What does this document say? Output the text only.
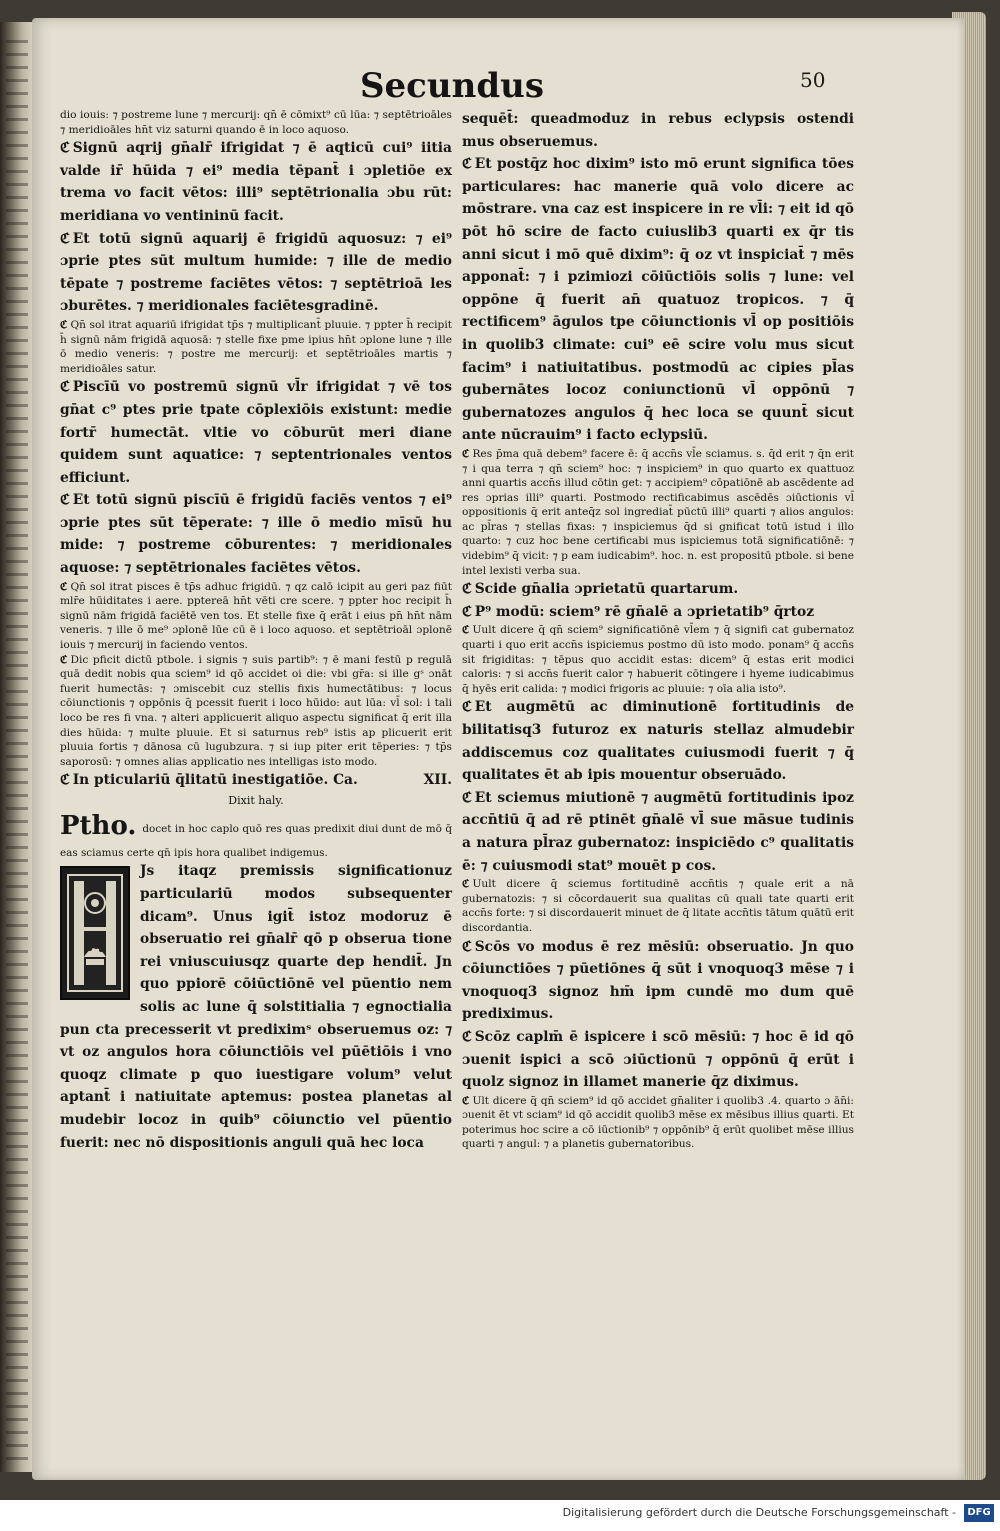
Secundus	50

dio iouis: ⁊ postreme lune ⁊ mercurij: qn̄ ē cōmixt⁹ cū lūa: ⁊ septētrioāles ⁊ meridioāles hn̄t viz saturni quando ē in loco aquoso.

ℭ Signū aqrij gn̄alr̄ ifrigidat ⁊ ē aqticū cui⁹ iitia valde ir̄ hūida ⁊ ei⁹ media tēpant̄ i ɔpletiōe ex trema vo facit vētos: illi⁹ septētrionalia ɔbu rūt: meridiana vo ventininū facit.

ℭ Et totū signū aquarij ē frigidū aquosuz: ⁊ ei⁹ ɔprie ptes sūt multum humide: ⁊ ille de medio tēpate ⁊ postreme faciētes vētos: ⁊ septētrioā les ɔburētes. ⁊ meridionales faciētesgradinē.

ℭ Qn̄ sol itrat aquariū ifrigidat tp̄s ⁊ multiplicant̄ pluuie. ⁊ ppter h̄ recipit h̄ signū nām frigidā aquosā: ⁊ stelle fixe pme ipius hn̄t ɔplone lune ⁊ ille ō medio veneris: ⁊ postre me mercurij: et septētrioāles martis ⁊ meridioāles satur.

ℭ Piscīū vo postremū signū vl̄r ifrigidat ⁊ vē tos gn̄at c⁹ ptes prie tpate cōplexiōis existunt: medie fortr̄ humectāt. vltie vo cōburūt meri diane quidem sunt aquatice: ⁊ septentrionales ventos efficiunt.

ℭ Et totū signū piscīū ē frigidū faciēs ventos ⁊ ei⁹ ɔprie ptes sūt tēperate: ⁊ ille ō medio mīsū hu mide: ⁊ postreme cōburentes: ⁊ meridionales aquose: ⁊ septētrionales faciētes vētos.

ℭ Qn̄ sol itrat pisces ē tp̄s adhuc frigidū. ⁊ qz calō icipit au geri paz fiūt mlr̄e hūiditates i aere. pptereā hn̄t vēti cre scere. ⁊ ppter hoc recipit h̄ signū nām frigidā faciētē ven tos. Et stelle fixe q̄ erāt i eius pn̄ hn̄t nām veneris. ⁊ ille ō me⁹ ɔplonē lūe cū ē i loco aquoso. et septētrioāl ɔplonē iouis ⁊ mercurij in faciendo ventos.

ℭ Dic pficit dictū ptbole. i signis ⁊ suis partib⁹: ⁊ ē mani festū p regulā quā dedit nobis qua sciem⁹ id qō accidet oi die: vbi gr̄a: si ille gˢ ɔnāt fuerit humectās: ⁊ ɔmiscebit cuz stellis fixis humectātibus: ⁊ locus cōiunctionis ⁊ oppōnis q̄ pcessit fuerit i loco hūido: aut lūa: vl̄ sol: i tali loco be res fi vna. ⁊ alteri applicuerit aliquo aspectu significat q̄ erit illa dies hūida: ⁊ multe pluuie. Et si saturnus reb⁹ istis ap plicuerit erit pluuia fortis ⁊ dānosa cū lugubzura. ⁊ si iup piter erit tēperies: ⁊ tp̄s saporosū: ⁊ omnes alias applicatio nes intelligas isto modo.

ℭ In pticulariū q̄litatū inestigatiōe. Ca.	XII.

Dixit haly.

Ptho. docet in hoc caplo quō res quas predixit diui dunt de mō q̄ eas sciamus certe qn̄ ipis hora qualibet indigemus.

Js itaqz premissis significationuz particulariū modos subsequenter dicam⁹. Unus igit̄ istoz modoruz ē obseruatio rei gn̄alr̄ qō p obserua tione rei vniuscuiusqz quarte dep hendit̄. Jn quo ppiorē cōiūctiōnē vel pūentio nem solis ac lune q̄ solstitialia ⁊ egnoctialia pun cta precesserit vt prediximˢ obseruemus oz: ⁊ vt oz angulos hora cōiunctiōis vel pūētiōis i vno quoqz climate p quo iuestigare volum⁹ velut aptant̄ i natiuitate aptemus: postea planetas al mudebir locoz in quib⁹ cōiunctio vel pūentio fuerit: nec nō dispositionis anguli quā hec loca

sequēt̄: queadmoduz in rebus eclypsis ostendi mus obseruemus.

ℭ Et postq̄z hoc dixim⁹ isto mō erunt significa tōes particulares: hac manerie quā volo dicere ac mōstrare. vna caz est inspicere in re vl̄i: ⁊ eit id qō pōt hō scire de facto cuiuslib3 quarti ex q̄r tis anni sicut i mō quē dixim⁹: q̄ oz vt inspiciat̄ ⁊ mēs apponat̄: ⁊ i pzimiozi cōiūctiōis solis ⁊ lune: vel oppōne q̄ fuerit an̄ quatuoz tropicos. ⁊ q̄ rectificem⁹ āgulos tpe cōiunctionis vl̄ op positiōis in quolib3 climate: cui⁹ eē scire volu mus sicut facim⁹ i natiuitatibus. postmodū ac cipies pl̄as gubernātes locoz coniunctionū vl̄ oppōnū ⁊ gubernatozes angulos q̄ hec loca se quunt̄ sicut ante nūcrauim⁹ i facto eclypsiū.

ℭ Res p̄ma quā debem⁹ facere ē: q̄ accn̄s vl̄e sciamus. s. q̄d erit ⁊ q̄n erit ⁊ i qua terra ⁊ qn̄ sciem⁹ hoc: ⁊ inspiciem⁹ in quo quarto ex quattuoz anni quartis accn̄s illud cōtin get: ⁊ accipiem⁹ cōpatiōnē ab ascēdente ad res ɔprias illi⁹ quarti. Postmodo rectificabimus ascēdēs ɔiūctionis vl̄ oppositionis q̄ erit anteq̄z sol ingrediat̄ pūctū illi⁹ quarti ⁊ alios angulos: ac pl̄ras ⁊ stellas fixas: ⁊ inspiciemus q̄d si gnificat totū istud i illo quarto: ⁊ cuz hoc bene certificabi mus ispiciemus totā significatiōnē: ⁊ videbim⁹ q̄ vicit: ⁊ p eam iudicabim⁹. hoc. n. est propositū ptbole. si bene intel lexisti verba sua.

ℭ Scide gn̄alia ɔprietatū quartarum.

ℭ P⁹ modū: sciem⁹ rē gn̄alē a ɔprietatib⁹ q̄rtoz

ℭ Uult dicere q̄ qn̄ sciem⁹ significatiōnē vl̄em ⁊ q̄ signifi cat gubernatoz quarti i quo erit accn̄s ispiciemus postmo dū isto modo. ponam⁹ q̄ accn̄s sit frigiditas: ⁊ tēpus quo accidit estas: dicem⁹ q̄ estas erit modici caloris: ⁊ si accn̄s fuerit calor ⁊ habuerit cōtingere i hyeme iudicabimus q̄ hyēs erit calida: ⁊ modici frigoris ac pluuie: ⁊ oīa alia isto⁹.

ℭ Et augmētū ac diminutionē fortitudinis de bilitatisq3 futuroz ex naturis stellaz almudebir addiscemus coz qualitates cuiusmodi fuerit ⁊ q̄ qualitates ēt ab ipis mouentur obseruādo.

ℭ Et sciemus miutionē ⁊ augmētū fortitudinis ipoz accn̄tiū q̄ ad rē ptinēt gn̄alē vl̄ sue māsue tudinis a natura pl̄raz gubernatoz: inspiciēdo c⁹ qualitatis ē: ⁊ cuiusmodi stat⁹ mouēt p cos.

ℭ Uult dicere q̄ sciemus fortitudinē accn̄tis ⁊ quale erit a nā gubernatozis: ⁊ si cōcordauerit sua qualitas cū quali tate quarti erit accn̄s forte: ⁊ si discordauerit minuet de q̄ litate accn̄tis tātum quātū erit discordantia.

ℭ Scōs vo modus ē rez mēsiū: obseruatio. Jn quo cōiunctiōes ⁊ pūetiōnes q̄ sūt i vnoquoq3 mēse ⁊ i vnoquoq3 signoz hm̄ ipm cundē mo dum quē prediximus.

ℭ Scōz caplm̄ ē ispicere i scō mēsiū: ⁊ hoc ē id qō ɔuenit ispici a scō ɔiūctionū ⁊ oppōnū q̄ erūt i quolz signoz in illamet manerie q̄z diximus.

ℭ Ult dicere q̄ qn̄ sciem⁹ id qō accidet gn̄aliter i quolib3 .4. quarto ɔ ān̄i: ɔuenit ēt vt sciam⁹ id qō accidit quolib3 mēse ex mēsibus illius quarti. Et poterimus hoc scire a cō iūctionib⁹ ⁊ oppōnib⁹ q̄ erūt quolibet mēse illius quarti ⁊ angul: ⁊ a planetis gubernatoribus.

Digitalisierung gefördert durch die Deutsche Forschungsgemeinschaft -	DFG
